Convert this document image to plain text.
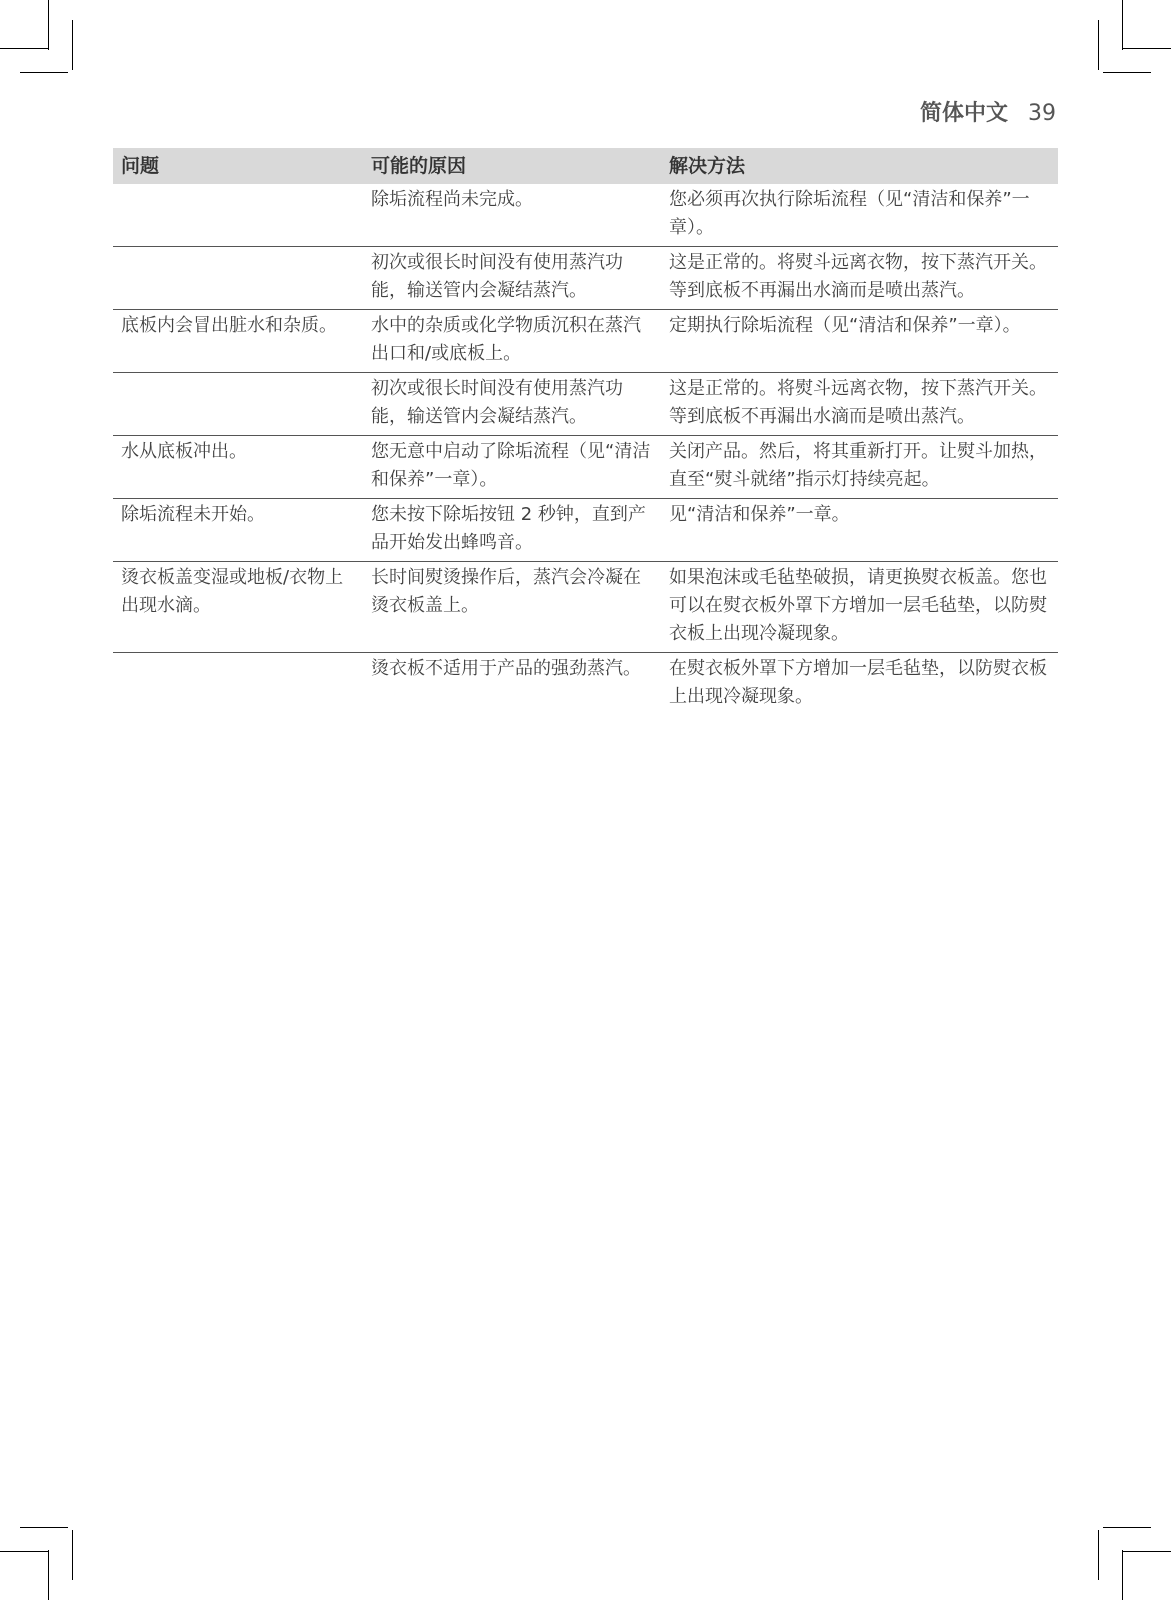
简体中文 39
问题	可能的原因	解决方法
	除垢流程尚未完成。	您必须再次执行除垢流程（见“清洁和保养”一章）。
	初次或很长时间没有使用蒸汽功能，输送管内会凝结蒸汽。	这是正常的。将熨斗远离衣物，按下蒸汽开关。等到底板不再漏出水滴而是喷出蒸汽。
底板内会冒出脏水和杂质。	水中的杂质或化学物质沉积在蒸汽出口和/或底板上。	定期执行除垢流程（见“清洁和保养”一章）。
	初次或很长时间没有使用蒸汽功能，输送管内会凝结蒸汽。	这是正常的。将熨斗远离衣物，按下蒸汽开关。等到底板不再漏出水滴而是喷出蒸汽。
水从底板冲出。	您无意中启动了除垢流程（见“清洁和保养”一章）。	关闭产品。然后，将其重新打开。让熨斗加热，直至“熨斗就绪”指示灯持续亮起。
除垢流程未开始。	您未按下除垢按钮 2 秒钟，直到产品开始发出蜂鸣音。	见“清洁和保养”一章。
烫衣板盖变湿或地板/衣物上出现水滴。	长时间熨烫操作后，蒸汽会冷凝在烫衣板盖上。	如果泡沫或毛毡垫破损，请更换熨衣板盖。您也可以在熨衣板外罩下方增加一层毛毡垫，以防熨衣板上出现冷凝现象。
	烫衣板不适用于产品的强劲蒸汽。	在熨衣板外罩下方增加一层毛毡垫，以防熨衣板上出现冷凝现象。
